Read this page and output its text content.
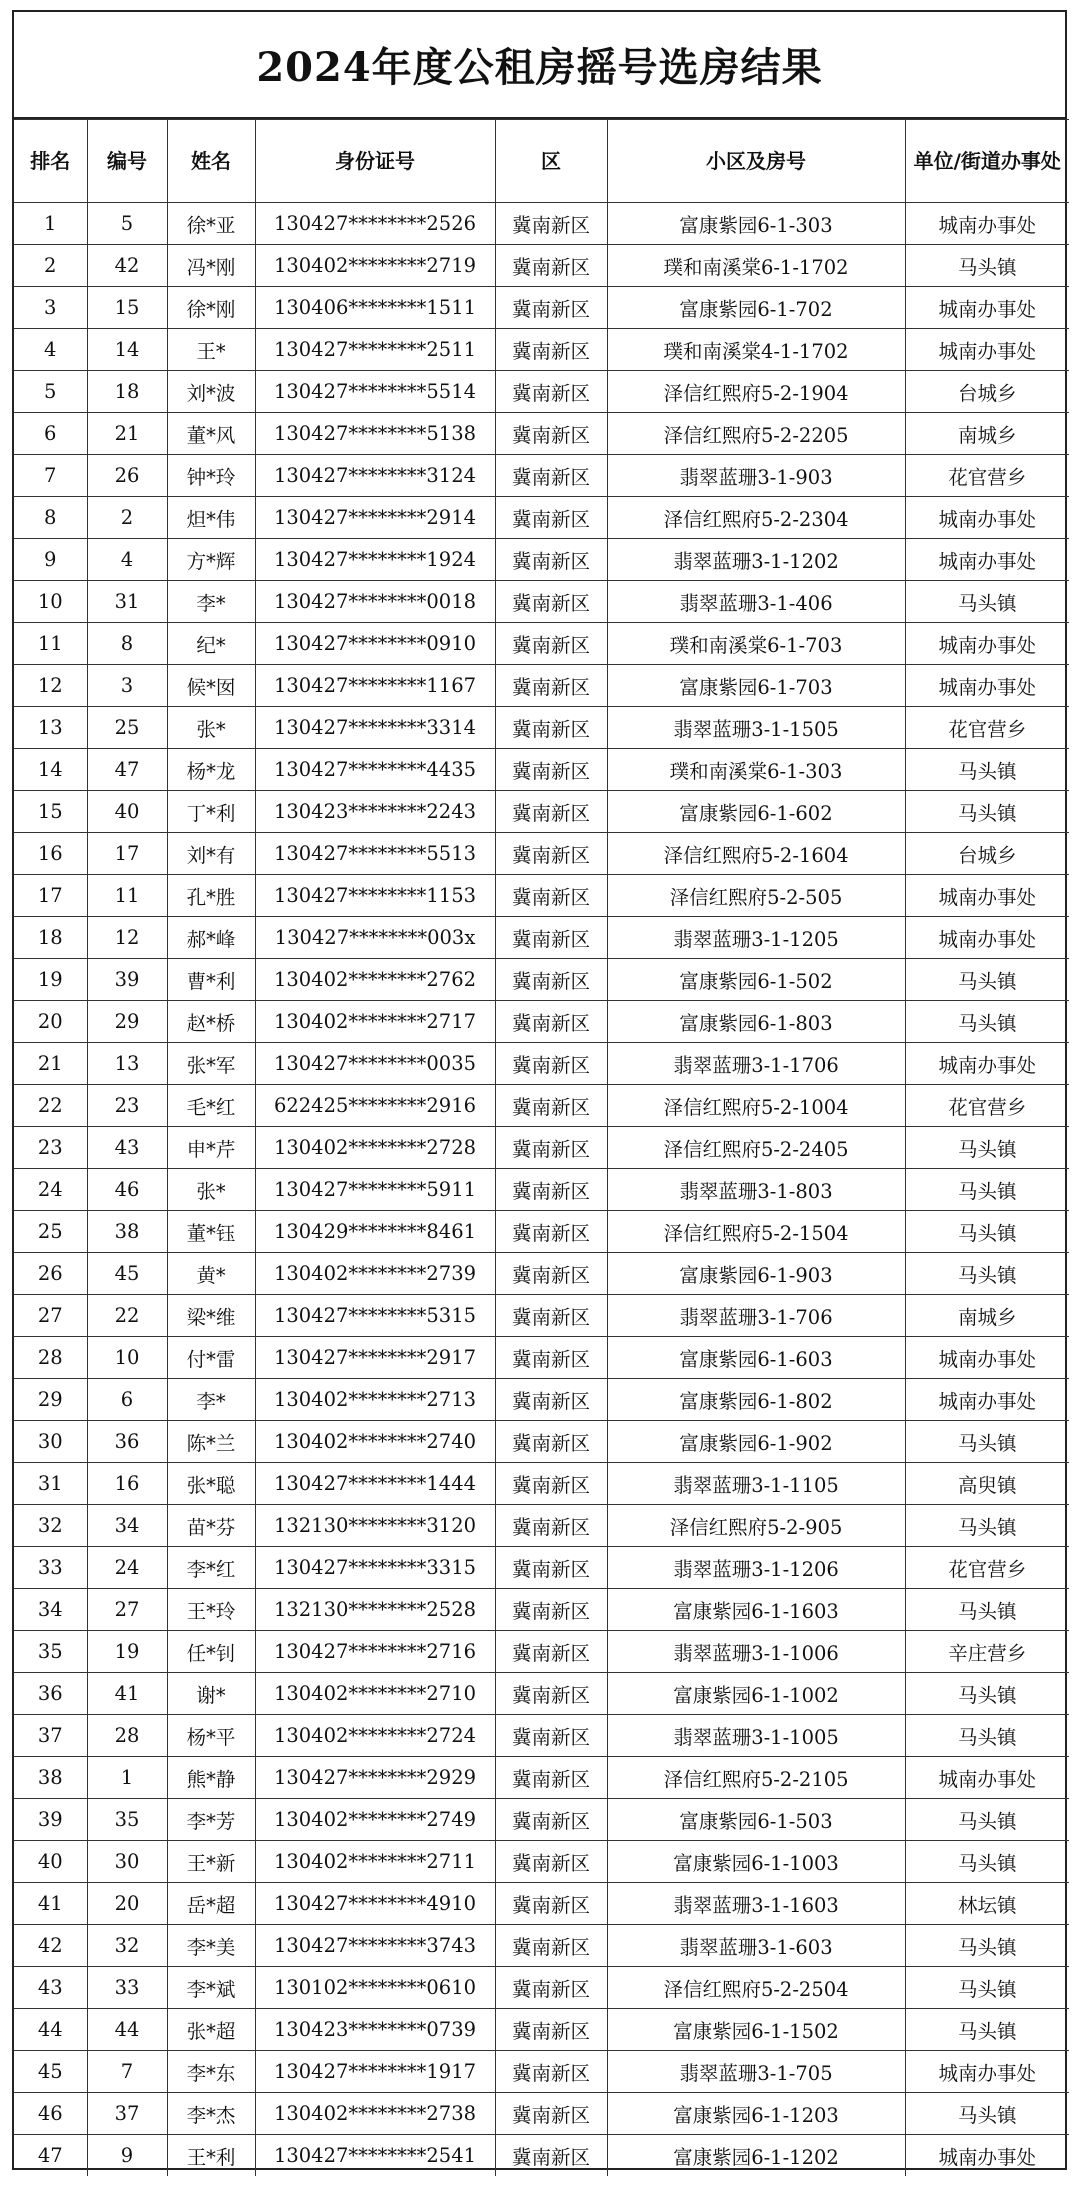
2024年度公租房摇号选房结果
排名	编号	姓名	身份证号	区	小区及房号	单位/街道办事处
1	5	徐*亚	130427********2526	冀南新区	富康紫园6-1-303	城南办事处
2	42	冯*刚	130402********2719	冀南新区	璞和南溪棠6-1-1702	马头镇
3	15	徐*刚	130406********1511	冀南新区	富康紫园6-1-702	城南办事处
4	14	王*	130427********2511	冀南新区	璞和南溪棠4-1-1702	城南办事处
5	18	刘*波	130427********5514	冀南新区	泽信红熙府5-2-1904	台城乡
6	21	董*风	130427********5138	冀南新区	泽信红熙府5-2-2205	南城乡
7	26	钟*玲	130427********3124	冀南新区	翡翠蓝珊3-1-903	花官营乡
8	2	炟*伟	130427********2914	冀南新区	泽信红熙府5-2-2304	城南办事处
9	4	方*辉	130427********1924	冀南新区	翡翠蓝珊3-1-1202	城南办事处
10	31	李*	130427********0018	冀南新区	翡翠蓝珊3-1-406	马头镇
11	8	纪*	130427********0910	冀南新区	璞和南溪棠6-1-703	城南办事处
12	3	候*囡	130427********1167	冀南新区	富康紫园6-1-703	城南办事处
13	25	张*	130427********3314	冀南新区	翡翠蓝珊3-1-1505	花官营乡
14	47	杨*龙	130427********4435	冀南新区	璞和南溪棠6-1-303	马头镇
15	40	丁*利	130423********2243	冀南新区	富康紫园6-1-602	马头镇
16	17	刘*有	130427********5513	冀南新区	泽信红熙府5-2-1604	台城乡
17	11	孔*胜	130427********1153	冀南新区	泽信红熙府5-2-505	城南办事处
18	12	郝*峰	130427********003x	冀南新区	翡翠蓝珊3-1-1205	城南办事处
19	39	曹*利	130402********2762	冀南新区	富康紫园6-1-502	马头镇
20	29	赵*桥	130402********2717	冀南新区	富康紫园6-1-803	马头镇
21	13	张*军	130427********0035	冀南新区	翡翠蓝珊3-1-1706	城南办事处
22	23	毛*红	622425********2916	冀南新区	泽信红熙府5-2-1004	花官营乡
23	43	申*芹	130402********2728	冀南新区	泽信红熙府5-2-2405	马头镇
24	46	张*	130427********5911	冀南新区	翡翠蓝珊3-1-803	马头镇
25	38	董*钰	130429********8461	冀南新区	泽信红熙府5-2-1504	马头镇
26	45	黄*	130402********2739	冀南新区	富康紫园6-1-903	马头镇
27	22	梁*维	130427********5315	冀南新区	翡翠蓝珊3-1-706	南城乡
28	10	付*雷	130427********2917	冀南新区	富康紫园6-1-603	城南办事处
29	6	李*	130402********2713	冀南新区	富康紫园6-1-802	城南办事处
30	36	陈*兰	130402********2740	冀南新区	富康紫园6-1-902	马头镇
31	16	张*聪	130427********1444	冀南新区	翡翠蓝珊3-1-1105	高臾镇
32	34	苗*芬	132130********3120	冀南新区	泽信红熙府5-2-905	马头镇
33	24	李*红	130427********3315	冀南新区	翡翠蓝珊3-1-1206	花官营乡
34	27	王*玲	132130********2528	冀南新区	富康紫园6-1-1603	马头镇
35	19	任*钊	130427********2716	冀南新区	翡翠蓝珊3-1-1006	辛庄营乡
36	41	谢*	130402********2710	冀南新区	富康紫园6-1-1002	马头镇
37	28	杨*平	130402********2724	冀南新区	翡翠蓝珊3-1-1005	马头镇
38	1	熊*静	130427********2929	冀南新区	泽信红熙府5-2-2105	城南办事处
39	35	李*芳	130402********2749	冀南新区	富康紫园6-1-503	马头镇
40	30	王*新	130402********2711	冀南新区	富康紫园6-1-1003	马头镇
41	20	岳*超	130427********4910	冀南新区	翡翠蓝珊3-1-1603	林坛镇
42	32	李*美	130427********3743	冀南新区	翡翠蓝珊3-1-603	马头镇
43	33	李*斌	130102********0610	冀南新区	泽信红熙府5-2-2504	马头镇
44	44	张*超	130423********0739	冀南新区	富康紫园6-1-1502	马头镇
45	7	李*东	130427********1917	冀南新区	翡翠蓝珊3-1-705	城南办事处
46	37	李*杰	130402********2738	冀南新区	富康紫园6-1-1203	马头镇
47	9	王*利	130427********2541	冀南新区	富康紫园6-1-1202	城南办事处
